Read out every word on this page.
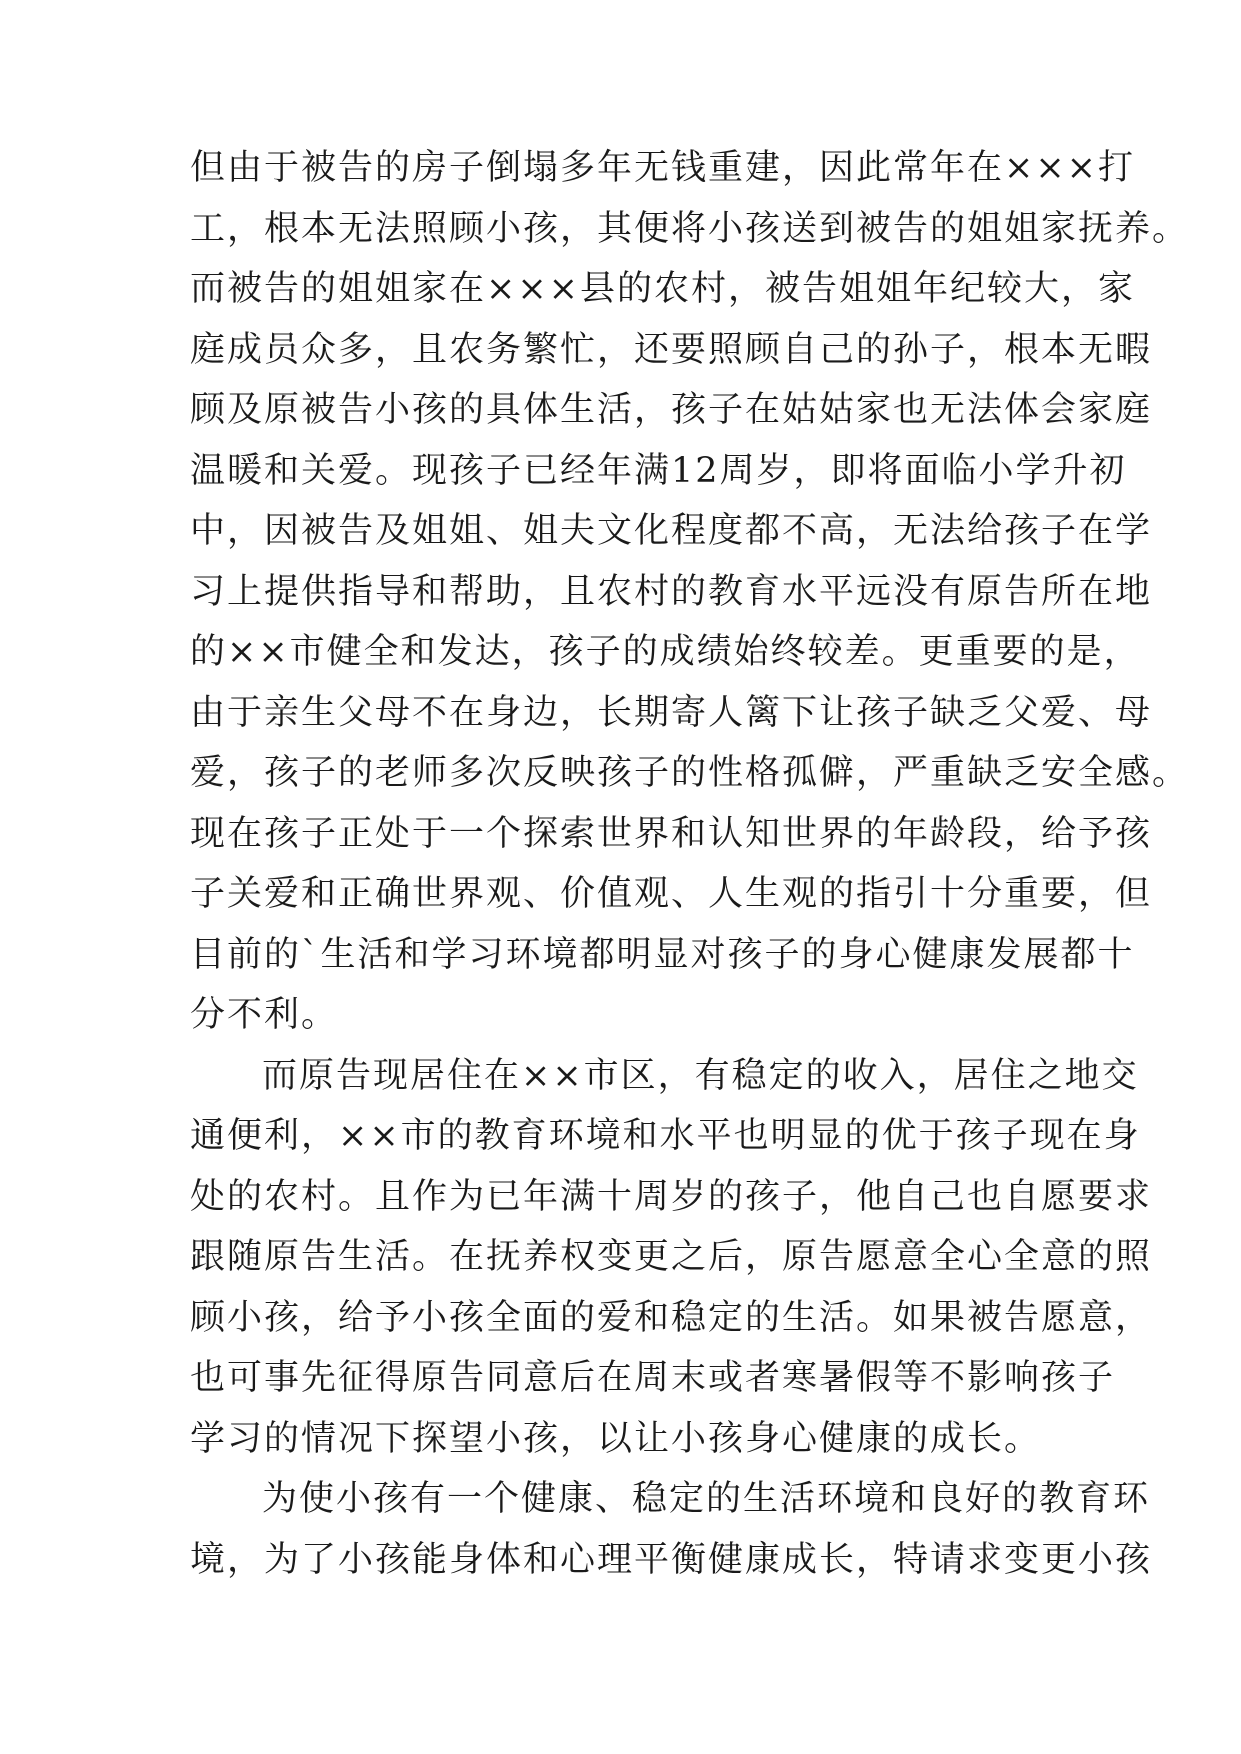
但由于被告的房子倒塌多年无钱重建，因此常年在×××打
工，根本无法照顾小孩，其便将小孩送到被告的姐姐家抚养。
而被告的姐姐家在×××县的农村，被告姐姐年纪较大，家
庭成员众多，且农务繁忙，还要照顾自己的孙子，根本无暇
顾及原被告小孩的具体生活，孩子在姑姑家也无法体会家庭
温暖和关爱。现孩子已经年满12周岁，即将面临小学升初
中，因被告及姐姐、姐夫文化程度都不高，无法给孩子在学
习上提供指导和帮助，且农村的教育水平远没有原告所在地
的××市健全和发达，孩子的成绩始终较差。更重要的是，
由于亲生父母不在身边，长期寄人篱下让孩子缺乏父爱、母
爱，孩子的老师多次反映孩子的性格孤僻，严重缺乏安全感。
现在孩子正处于一个探索世界和认知世界的年龄段，给予孩
子关爱和正确世界观、价值观、人生观的指引十分重要，但
目前的`生活和学习环境都明显对孩子的身心健康发展都十
分不利。
而原告现居住在××市区，有稳定的收入，居住之地交
通便利，××市的教育环境和水平也明显的优于孩子现在身
处的农村。且作为已年满十周岁的孩子，他自己也自愿要求
跟随原告生活。在抚养权变更之后，原告愿意全心全意的照
顾小孩，给予小孩全面的爱和稳定的生活。如果被告愿意，
也可事先征得原告同意后在周末或者寒暑假等不影响孩子
学习的情况下探望小孩，以让小孩身心健康的成长。
为使小孩有一个健康、稳定的生活环境和良好的教育环
境，为了小孩能身体和心理平衡健康成长，特请求变更小孩
